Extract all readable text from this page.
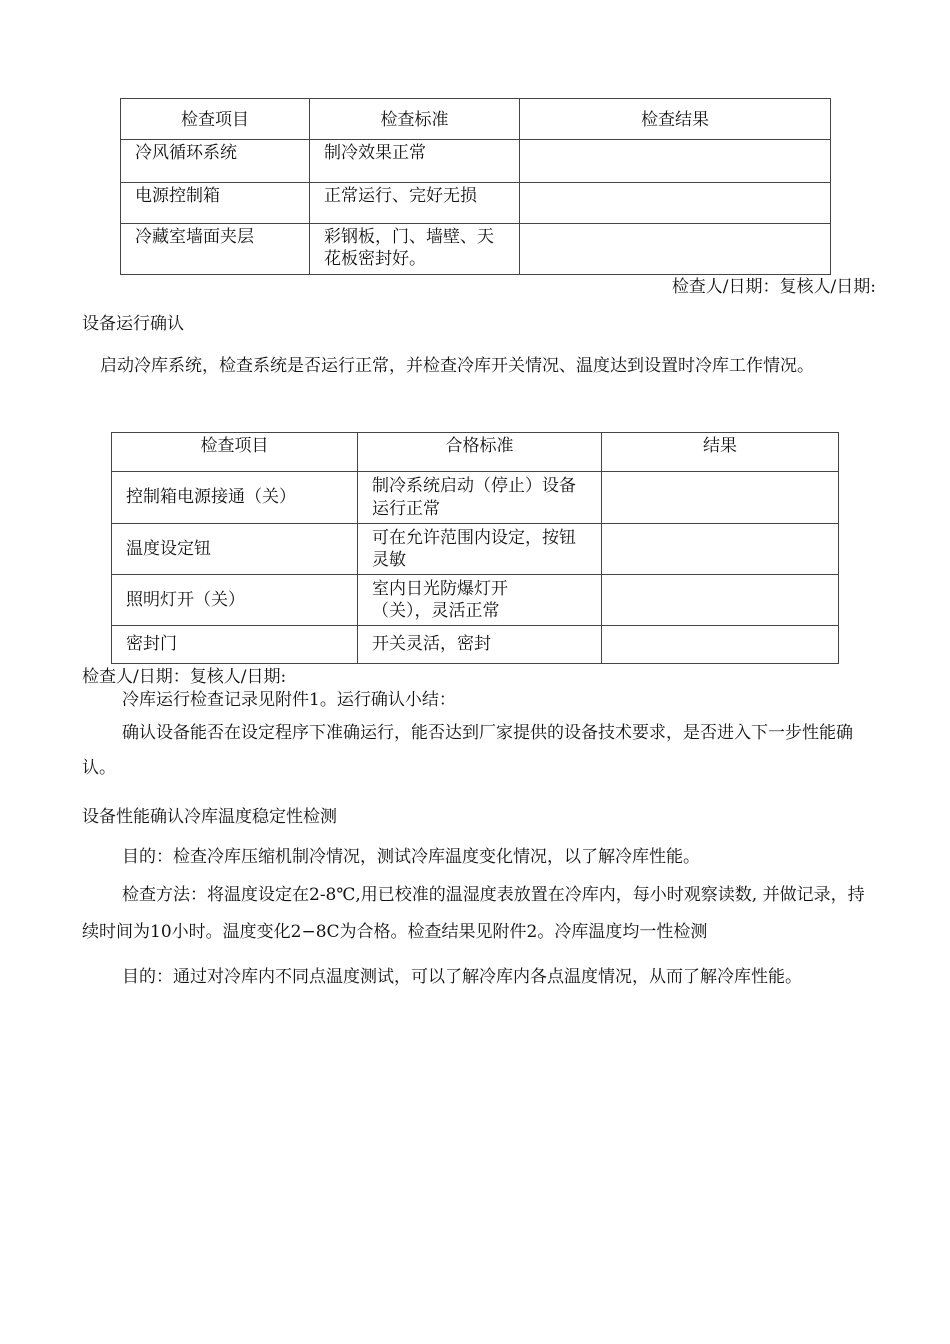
检查项目	检查标准	检查结果
冷风循环系统	制冷效果正常	
电源控制箱	正常运行、完好无损	
冷藏室墙面夹层	彩钢板，门、墙壁、天花板密封好。	
检查人/日期：复核人/日期:
设备运行确认
启动冷库系统，检查系统是否运行正常，并检查冷库开关情况、温度达到设置时冷库工作情况。
检查项目	合格标准	结果
控制箱电源接通（关）	制冷系统启动（停止）设备运行正常	
温度设定钮	可在允许范围内设定，按钮灵敏	
照明灯开（关）	室内日光防爆灯开（关），灵活正常	
密封门	开关灵活，密封	
检查人/日期：复核人/日期:
冷库运行检查记录见附件1。运行确认小结：
确认设备能否在设定程序下准确运行，能否达到厂家提供的设备技术要求，是否进入下一步性能确认。
设备性能确认冷库温度稳定性检测
目的：检查冷库压缩机制冷情况，测试冷库温度变化情况，以了解冷库性能。
检查方法：将温度设定在2-8℃,用已校准的温湿度表放置在冷库内，每小时观察读数, 并做记录，持续时间为10小时。温度变化2−8C为合格。检查结果见附件2。冷库温度均一性检测
目的：通过对冷库内不同点温度测试，可以了解冷库内各点温度情况，从而了解冷库性能。
